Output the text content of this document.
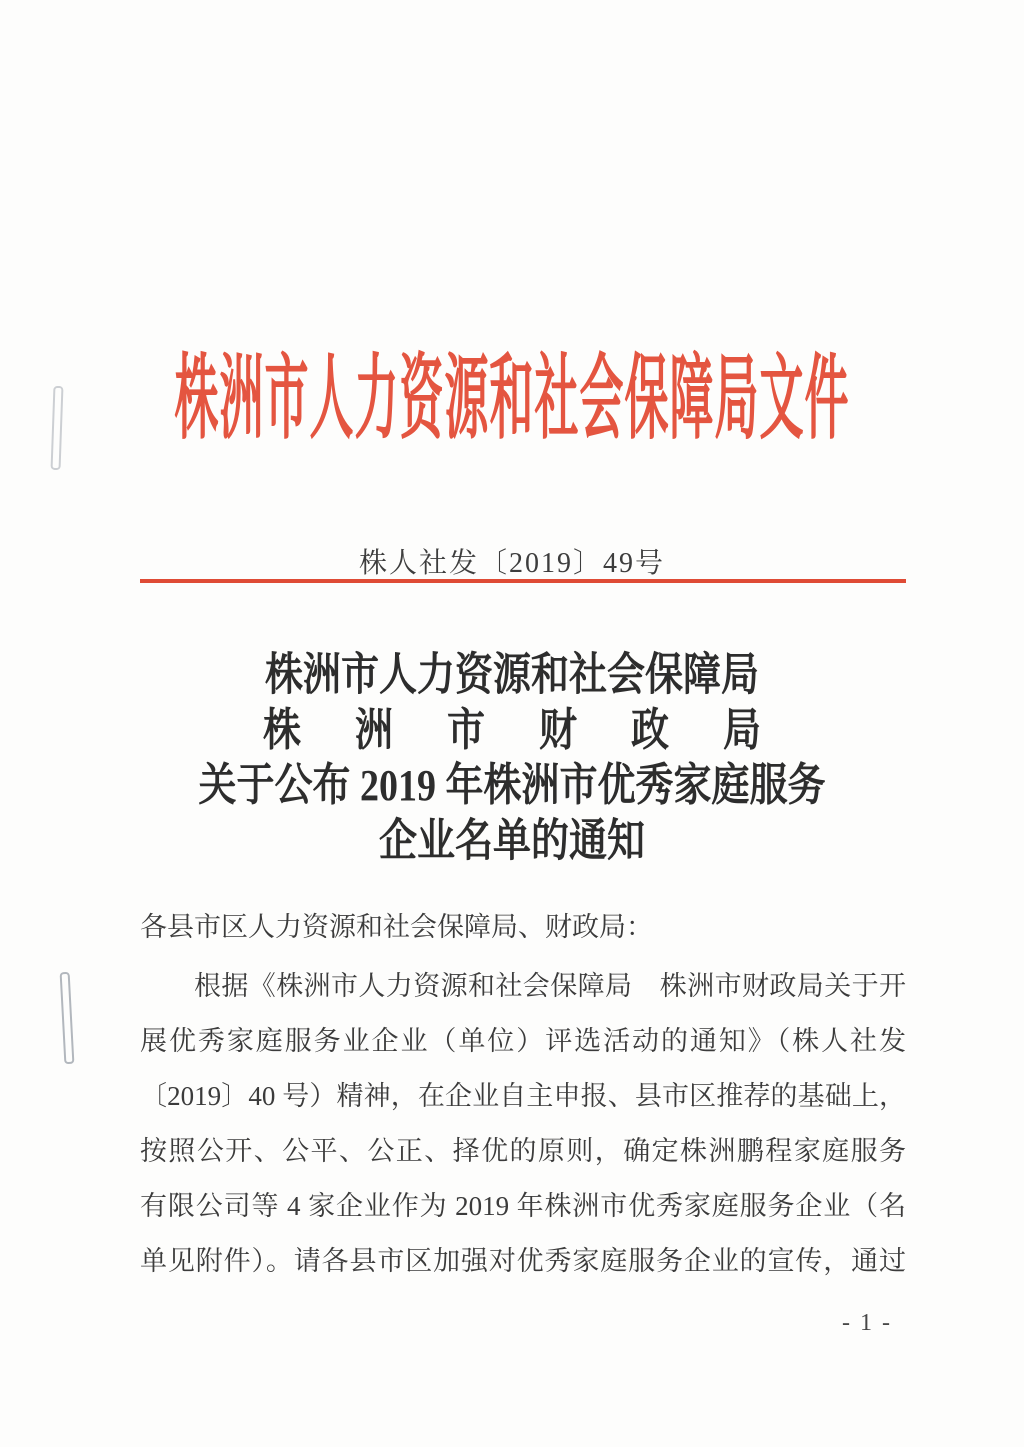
株洲市人力资源和社会保障局文件
株人社发〔2019〕49号
株洲市人力资源和社会保障局
株洲市财政局
关于公布 2019 年株洲市优秀家庭服务
企业名单的通知
各县市区人力资源和社会保障局、财政局：
根据《株洲市人力资源和社会保障局　株洲市财政局关于开
展优秀家庭服务业企业（单位）评选活动的通知》（株人社发
〔2019〕40 号）精神，在企业自主申报、县市区推荐的基础上，
按照公开、公平、公正、择优的原则，确定株洲鹏程家庭服务
有限公司等 4 家企业作为 2019 年株洲市优秀家庭服务企业（名
单见附件）。请各县市区加强对优秀家庭服务企业的宣传，通过
- 1 -
